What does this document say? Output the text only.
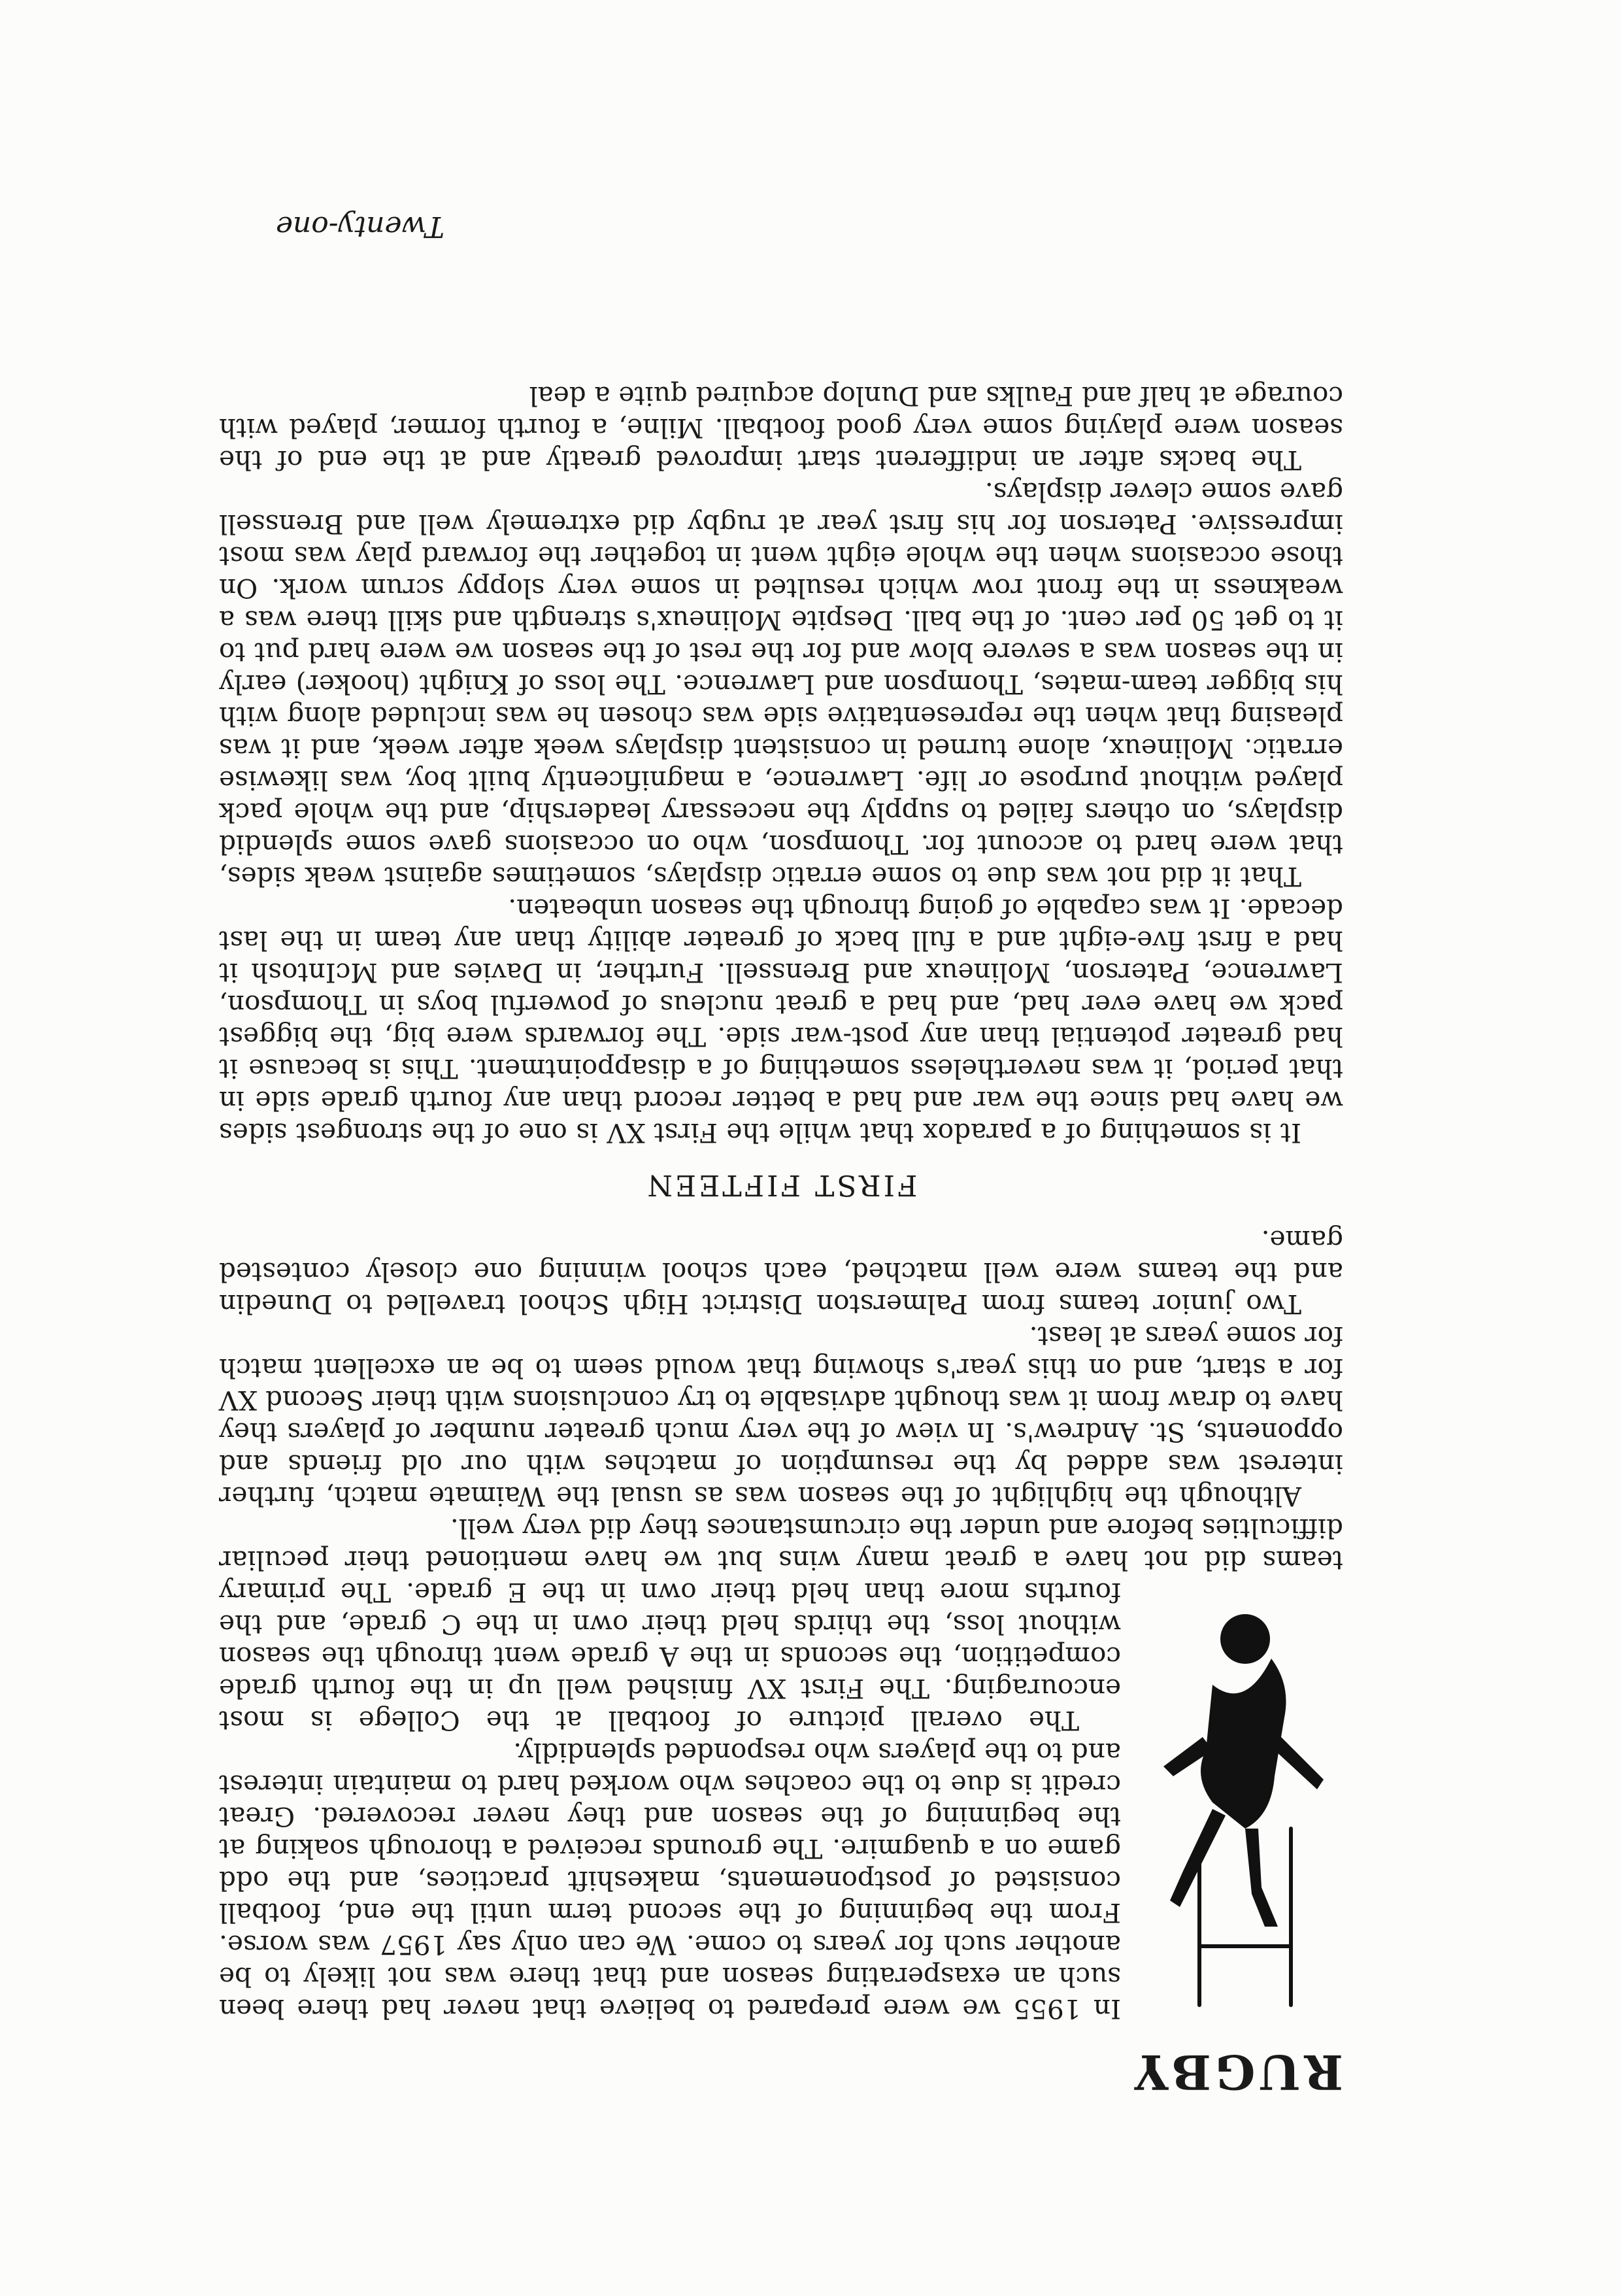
RUGBY

In 1955 we were prepared to believe that never had there been such an exasperating season and that there was not likely to be another such for years to come. We can only say 1957 was worse. From the beginning of the second term until the end, football consisted of postponements, makeshift practices, and the odd game on a quagmire. The grounds received a thorough soaking at the beginning of the season and they never recovered. Great credit is due to the coaches who worked hard to maintain interest and to the players who responded splendidly.

The overall picture of football at the College is most encouraging. The First XV finished well up in the fourth grade competition, the seconds in the A grade went through the season without loss, the thirds held their own in the C grade, and the fourths more than held their own in the E grade. The primary teams did not have a great many wins but we have mentioned their peculiar difficulties before and under the circumstances they did very well.

Although the highlight of the season was as usual the Waimate match, further interest was added by the resumption of matches with our old friends and opponents, St. Andrew's. In view of the very much greater number of players they have to draw from it was thought advisable to try conclusions with their Second XV for a start, and on this year's showing that would seem to be an excellent match for some years at least.

Two junior teams from Palmerston District High School travelled to Dunedin and the teams were well matched, each school winning one closely contested game.

FIRST FIFTEEN

It is something of a paradox that while the First XV is one of the strongest sides we have had since the war and had a better record than any fourth grade side in that period, it was nevertheless something of a disappointment. This is because it had greater potential than any post-war side. The forwards were big, the biggest pack we have ever had, and had a great nucleus of powerful boys in Thompson, Lawrence, Paterson, Molineux and Brenssell. Further, in Davies and McIntosh it had a first five-eight and a full back of greater ability than any team in the last decade. It was capable of going through the season unbeaten.

That it did not was due to some erratic displays, sometimes against weak sides, that were hard to account for. Thompson, who on occasions gave some splendid displays, on others failed to supply the necessary leadership, and the whole pack played without purpose or life. Lawrence, a magnificently built boy, was likewise erratic. Molineux, alone turned in consistent displays week after week, and it was pleasing that when the representative side was chosen he was included along with his bigger team-mates, Thompson and Lawrence. The loss of Knight (hooker) early in the season was a severe blow and for the rest of the season we were hard put to it to get 50 per cent. of the ball. Despite Molineux's strength and skill there was a weakness in the front row which resulted in some very sloppy scrum work. On those occasions when the whole eight went in together the forward play was most impressive. Paterson for his first year at rugby did extremely well and Brenssell gave some clever displays.

The backs after an indifferent start improved greatly and at the end of the season were playing some very good football. Milne, a fourth former, played with courage at half and Faulks and Dunlop acquired quite a deal

Twenty-one
